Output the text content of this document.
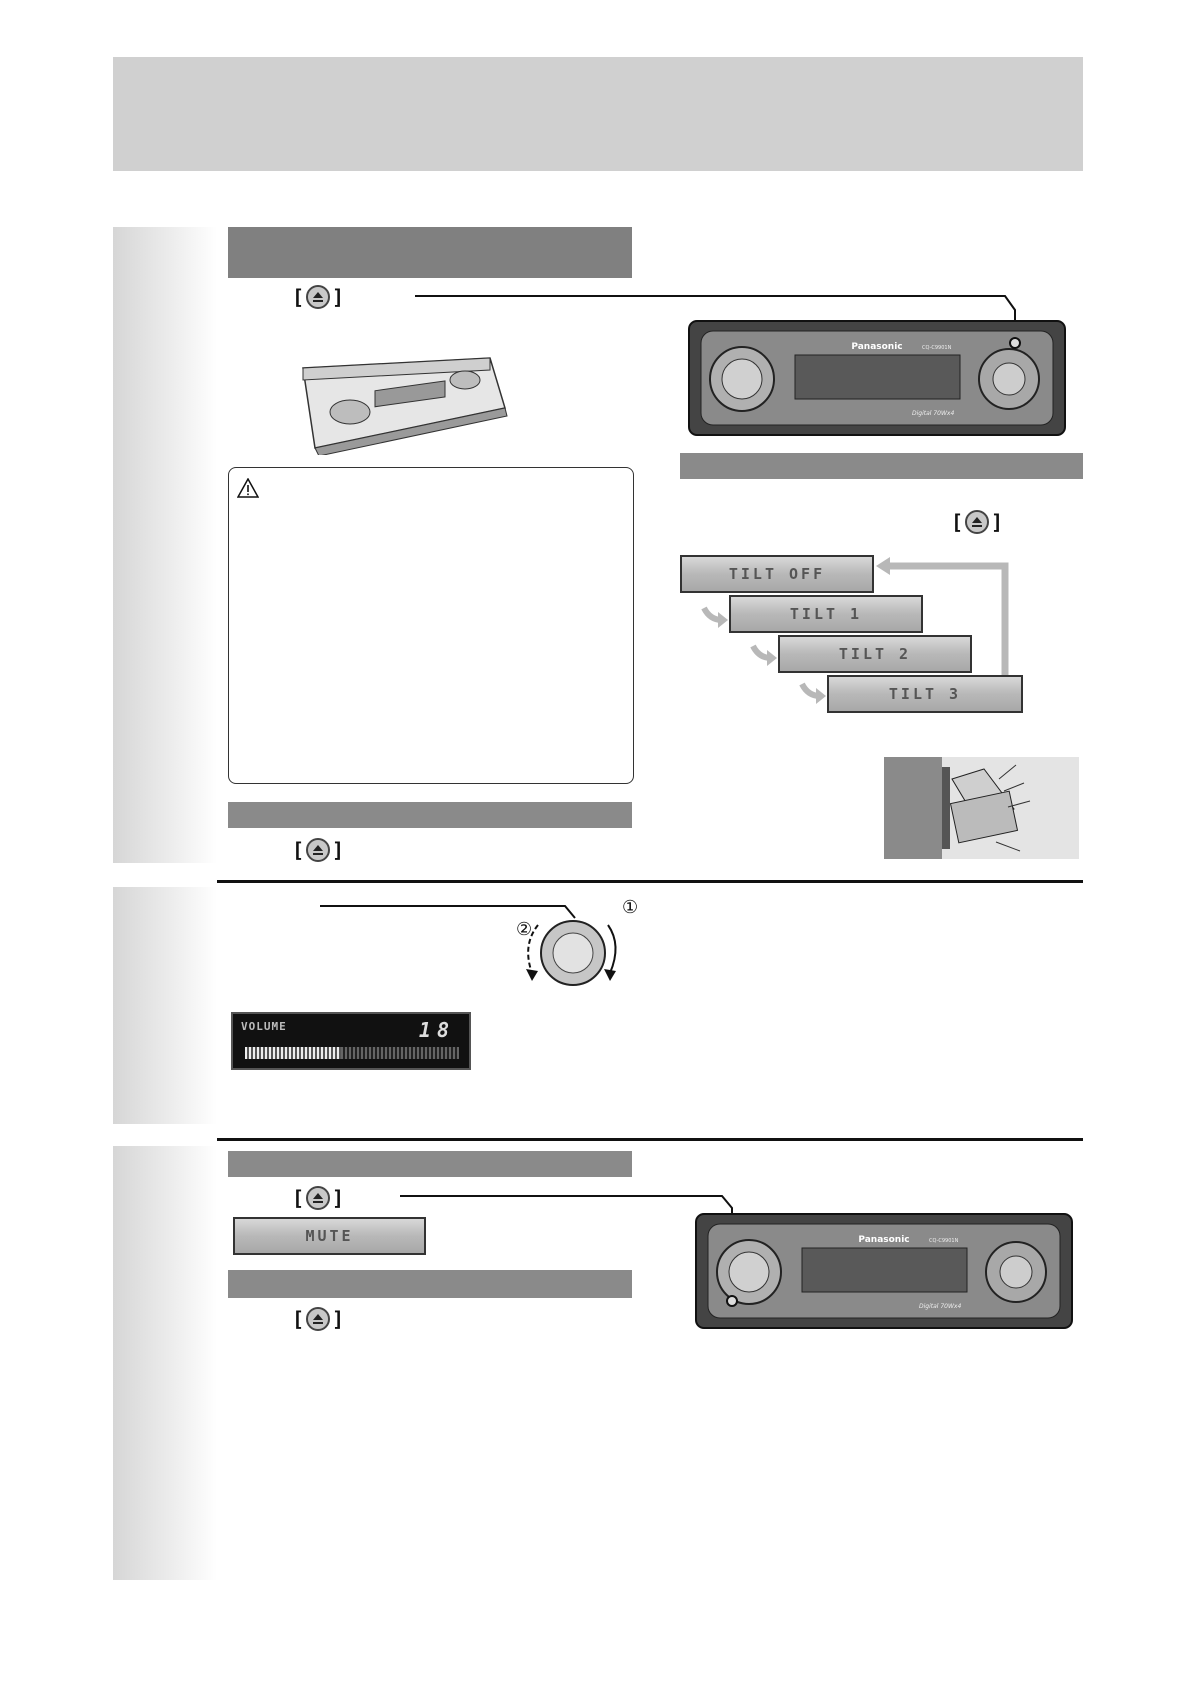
[ ]
[ ]
Panasonic	CQ-C9901N
Digital 70Wx4
[ ]
TILT OFF
TILT 1
TILT 2
TILT 3
①
②
VOLUME	18
[ ]
MUTE
[ ]
Panasonic	CQ-C9901N
Digital 70Wx4
